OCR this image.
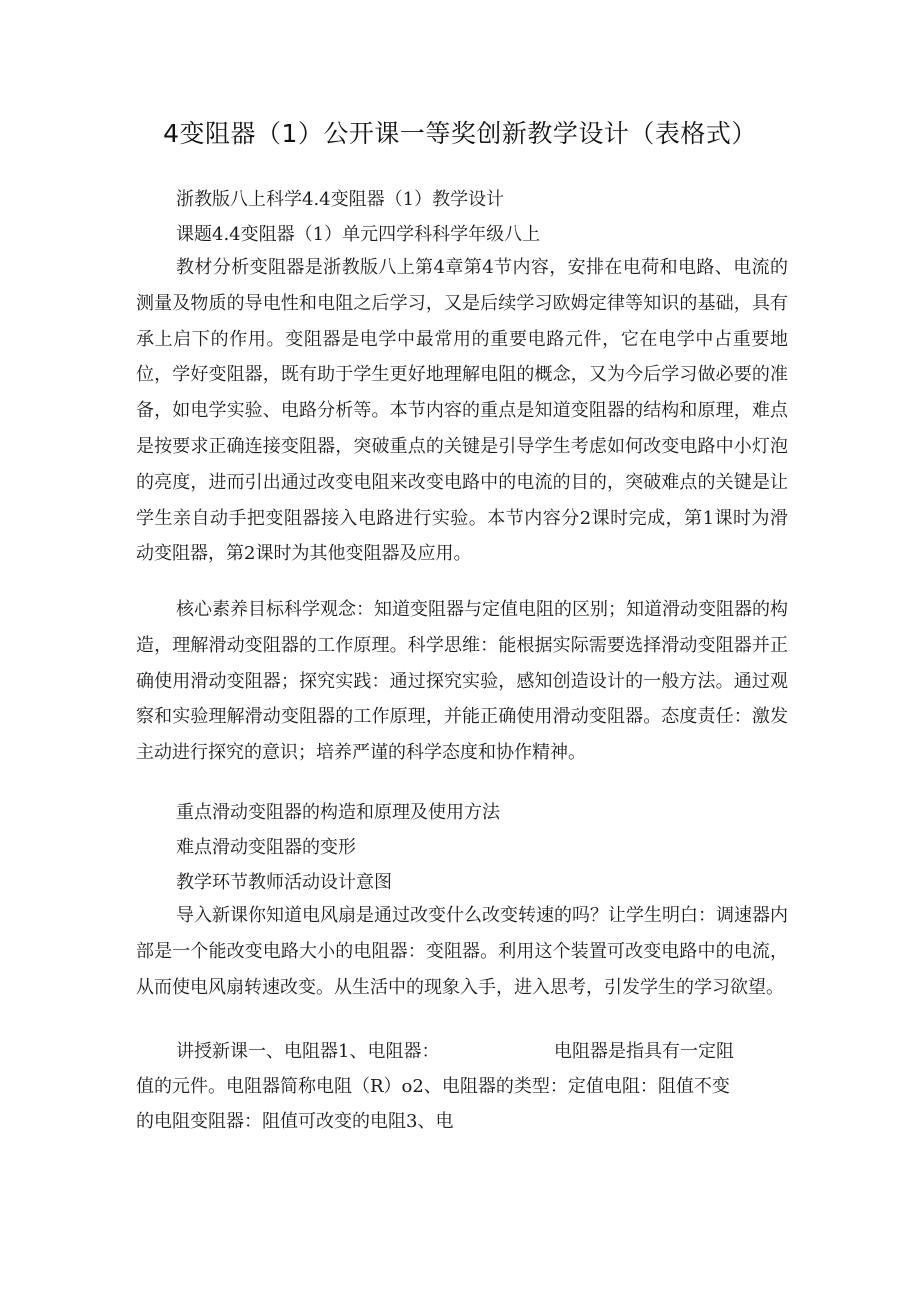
4变阻器（1）公开课一等奖创新教学设计（表格式）
浙教版八上科学4.4变阻器（1）教学设计
课题4.4变阻器（1）单元四学科科学年级八上

教材分析变阻器是浙教版八上第4章第4节内容，安排在电荷和电路、电流的测量及物质的导电性和电阻之后学习，又是后续学习欧姆定律等知识的基础，具有承上启下的作用。变阻器是电学中最常用的重要电路元件，它在电学中占重要地位，学好变阻器，既有助于学生更好地理解电阻的概念，又为今后学习做必要的准备，如电学实验、电路分析等。本节内容的重点是知道变阻器的结构和原理，难点是按要求正确连接变阻器，突破重点的关键是引导学生考虑如何改变电路中小灯泡的亮度，进而引出通过改变电阻来改变电路中的电流的目的，突破难点的关键是让学生亲自动手把变阻器接入电路进行实验。本节内容分2课时完成，第1课时为滑动变阻器，第2课时为其他变阻器及应用。

核心素养目标科学观念：知道变阻器与定值电阻的区别；知道滑动变阻器的构造，理解滑动变阻器的工作原理。科学思维：能根据实际需要选择滑动变阻器并正确使用滑动变阻器；探究实践：通过探究实验，感知创造设计的一般方法。通过观察和实验理解滑动变阻器的工作原理，并能正确使用滑动变阻器。态度责任：激发主动进行探究的意识；培养严谨的科学态度和协作精神。

重点滑动变阻器的构造和原理及使用方法
难点滑动变阻器的变形
教学环节教师活动设计意图

导入新课你知道电风扇是通过改变什么改变转速的吗？让学生明白：调速器内部是一个能改变电路大小的电阻器：变阻器。利用这个装置可改变电路中的电流，从而使电风扇转速改变。从生活中的现象入手，进入思考，引发学生的学习欲望。

讲授新课一、电阻器1、电阻器：	电阻器是指具有一定阻
值的元件。电阻器简称电阻（R）o2、电阻器的类型：定值电阻：阻值不变
的电阻变阻器：阻值可改变的电阻3、电
